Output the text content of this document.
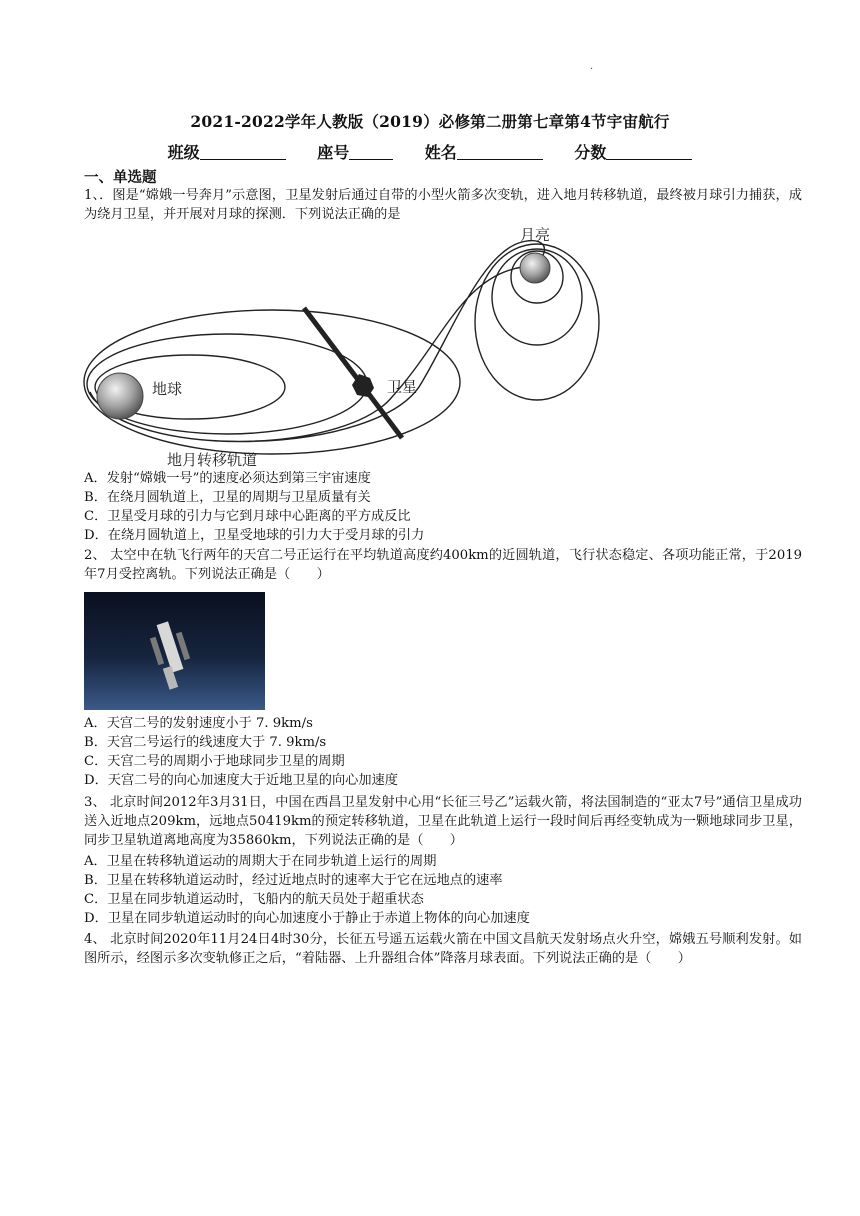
·
2021-2022学年人教版（2019）必修第二册第七章第4节宇宙航行
班级	座号	姓名	分数
一、单选题
1、．图是“嫦娥一号奔月”示意图，卫星发射后通过自带的小型火箭多次变轨，进入地月转移轨道，最终被月球引力捕获，成为绕月卫星，并开展对月球的探测．下列说法正确的是
月亮
地球	卫星
地月转移轨道
A．发射“嫦娥一号”的速度必须达到第三宇宙速度
B．在绕月圆轨道上，卫星的周期与卫星质量有关
C．卫星受月球的引力与它到月球中心距离的平方成反比
D．在绕月圆轨道上，卫星受地球的引力大于受月球的引力
2、 太空中在轨飞行两年的天宫二号正运行在平均轨道高度约400km的近圆轨道，飞行状态稳定、各项功能正常，于2019年7月受控离轨。下列说法正确是（　　）
A．天宫二号的发射速度小于 7. 9km/s
B．天宫二号运行的线速度大于 7. 9km/s
C．天宫二号的周期小于地球同步卫星的周期
D．天宫二号的向心加速度大于近地卫星的向心加速度
3、 北京时间2012年3月31日，中国在西昌卫星发射中心用“长征三号乙”运载火箭，将法国制造的“亚太7号”通信卫星成功送入近地点209km，远地点50419km的预定转移轨道，卫星在此轨道上运行一段时间后再经变轨成为一颗地球同步卫星，同步卫星轨道离地高度为35860km，下列说法正确的是（　　）
A．卫星在转移轨道运动的周期大于在同步轨道上运行的周期
B．卫星在转移轨道运动时，经过近地点时的速率大于它在远地点的速率
C．卫星在同步轨道运动时，飞船内的航天员处于超重状态
D．卫星在同步轨道运动时的向心加速度小于静止于赤道上物体的向心加速度
4、 北京时间2020年11月24日4时30分，长征五号遥五运载火箭在中国文昌航天发射场点火升空，嫦娥五号顺利发射。如图所示，经图示多次变轨修正之后，“着陆器、上升器组合体”降落月球表面。下列说法正确的是（　　）
